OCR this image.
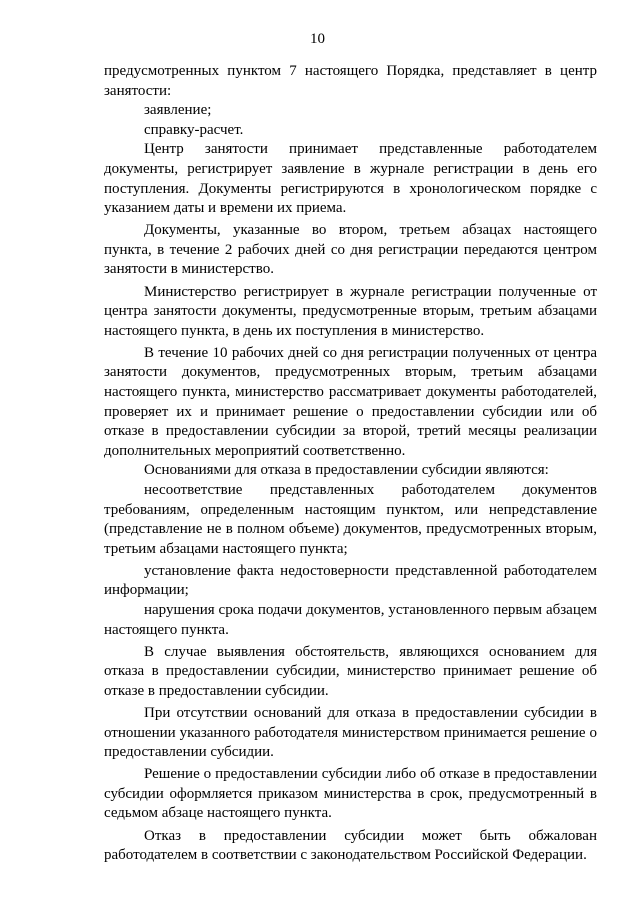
10

предусмотренных пунктом 7 настоящего Порядка, представляет в центр занятости:

заявление;

справку-расчет.

Центр занятости принимает представленные работодателем документы, регистрирует заявление в журнале регистрации в день его поступления. Документы регистрируются в хронологическом порядке с указанием даты и времени их приема.

Документы, указанные во втором, третьем абзацах настоящего пункта, в течение 2 рабочих дней со дня регистрации передаются центром занятости в министерство.

Министерство регистрирует в журнале регистрации полученные от центра занятости документы, предусмотренные вторым, третьим абзацами настоящего пункта, в день их поступления в министерство.

В течение 10 рабочих дней со дня регистрации полученных от центра занятости документов, предусмотренных вторым, третьим абзацами настоящего пункта, министерство рассматривает документы работодателей, проверяет их и принимает решение о предоставлении субсидии или об отказе в предоставлении субсидии за второй, третий месяцы реализации дополнительных мероприятий соответственно.

Основаниями для отказа в предоставлении субсидии являются:

несоответствие представленных работодателем документов требованиям, определенным настоящим пунктом, или непредставление (представление не в полном объеме) документов, предусмотренных вторым, третьим абзацами настоящего пункта;

установление факта недостоверности представленной работодателем информации;

нарушения срока подачи документов, установленного первым абзацем настоящего пункта.

В случае выявления обстоятельств, являющихся основанием для отказа в предоставлении субсидии, министерство принимает решение об отказе в предоставлении субсидии.

При отсутствии оснований для отказа в предоставлении субсидии в отношении указанного работодателя министерством принимается решение о предоставлении субсидии.

Решение о предоставлении субсидии либо об отказе в предоставлении субсидии оформляется приказом министерства в срок, предусмотренный в седьмом абзаце настоящего пункта.

Отказ в предоставлении субсидии может быть обжалован работодателем в соответствии с законодательством Российской Федерации.
